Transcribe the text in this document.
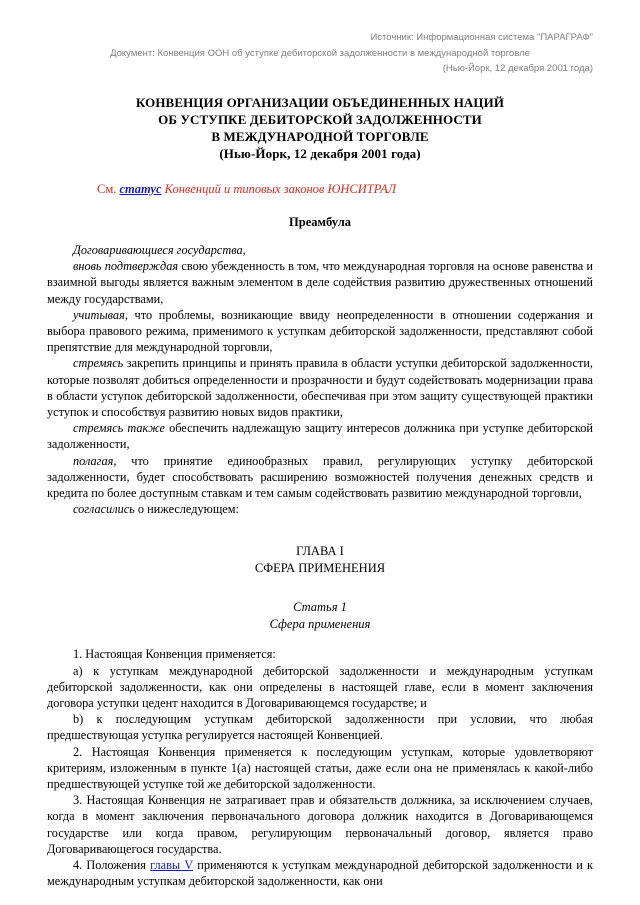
Источник: Информационная система "ПАРАГРАФ"
Документ: Конвенция ООН об уступке дебиторской задолженности в международной торговле
(Нью-Йорк, 12 декабря 2001 года)
КОНВЕНЦИЯ ОРГАНИЗАЦИИ ОБЪЕДИНЕННЫХ НАЦИЙ
ОБ УСТУПКЕ ДЕБИТОРСКОЙ ЗАДОЛЖЕННОСТИ
В МЕЖДУНАРОДНОЙ ТОРГОВЛЕ
(Нью-Йорк, 12 декабря 2001 года)
См. статус Конвенций и типовых законов ЮНСИТРАЛ
Преамбула

Договаривающиеся государства,

вновь подтверждая свою убежденность в том, что международная торговля на основе равенства и взаимной выгоды является важным элементом в деле содействия развитию дружественных отношений между государствами,

учитывая, что проблемы, возникающие ввиду неопределенности в отношении содержания и выбора правового режима, применимого к уступкам дебиторской задолженности, представляют собой препятствие для международной торговли,

стремясь закрепить принципы и принять правила в области уступки дебиторской задолженности, которые позволят добиться определенности и прозрачности и будут содействовать модернизации права в области уступок дебиторской задолженности, обеспечивая при этом защиту существующей практики уступок и способствуя развитию новых видов практики,

стремясь также обеспечить надлежащую защиту интересов должника при уступке дебиторской задолженности,

полагая, что принятие единообразных правил, регулирующих уступку дебиторской задолженности, будет способствовать расширению возможностей получения денежных средств и кредита по более доступным ставкам и тем самым содействовать развитию международной торговли,

согласились о нижеследующем:

ГЛАВА I
СФЕРА ПРИМЕНЕНИЯ
Статья 1
Сфера применения

1. Настоящая Конвенция применяется:

a) к уступкам международной дебиторской задолженности и международным уступкам дебиторской задолженности, как они определены в настоящей главе, если в момент заключения договора уступки цедент находится в Договаривающемся государстве; и

b) к последующим уступкам дебиторской задолженности при условии, что любая предшествующая уступка регулируется настоящей Конвенцией.

2. Настоящая Конвенция применяется к последующим уступкам, которые удовлетворяют критериям, изложенным в пункте 1(a) настоящей статьи, даже если она не применялась к какой-либо предшествующей уступке той же дебиторской задолженности.

3. Настоящая Конвенция не затрагивает прав и обязательств должника, за исключением случаев, когда в момент заключения первоначального договора должник находится в Договаривающемся государстве или когда правом, регулирующим первоначальный договор, является право Договаривающегося государства.

4. Положения главы V применяются к уступкам международной дебиторской задолженности и к международным уступкам дебиторской задолженности, как они
